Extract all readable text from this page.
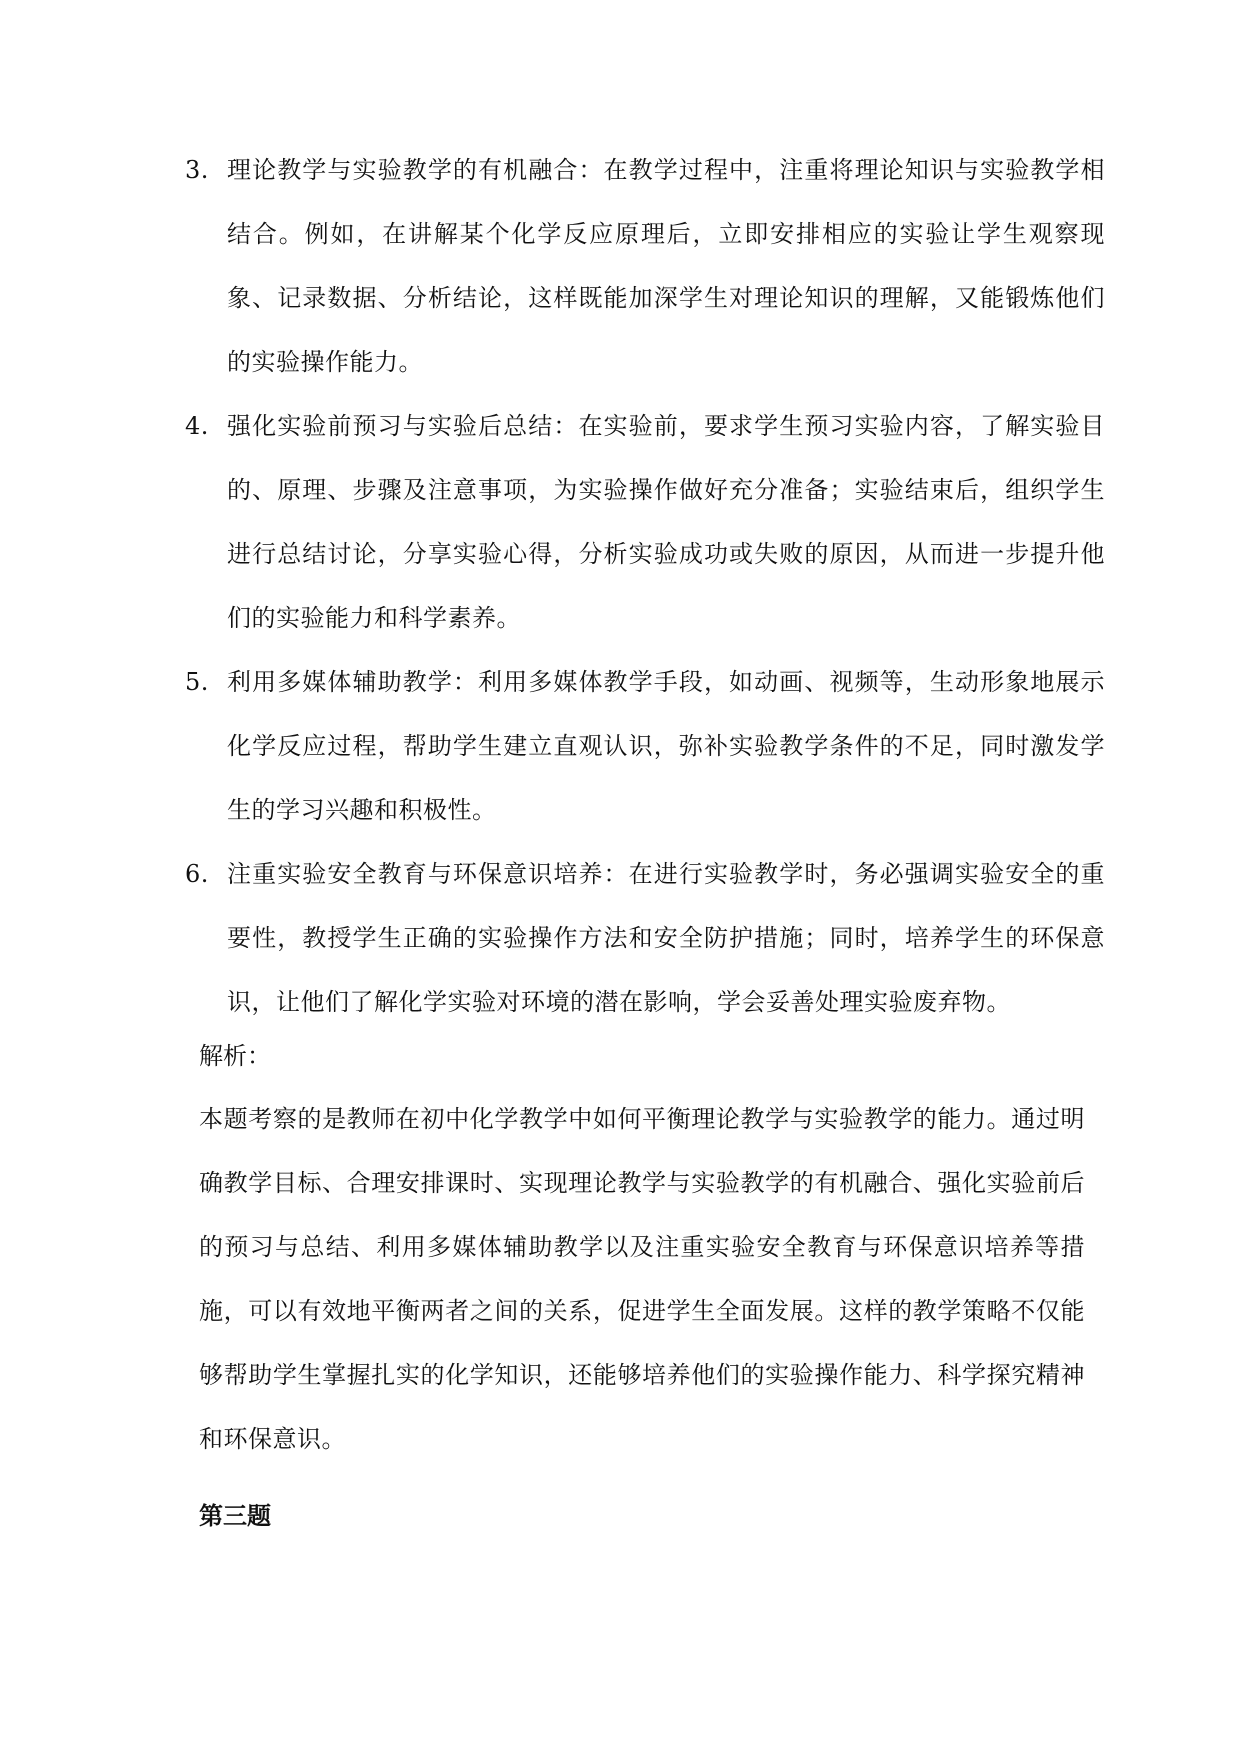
3. 理论教学与实验教学的有机融合：在教学过程中，注重将理论知识与实验教学相结合。例如，在讲解某个化学反应原理后，立即安排相应的实验让学生观察现象、记录数据、分析结论，这样既能加深学生对理论知识的理解，又能锻炼他们的实验操作能力。
4. 强化实验前预习与实验后总结：在实验前，要求学生预习实验内容，了解实验目的、原理、步骤及注意事项，为实验操作做好充分准备；实验结束后，组织学生进行总结讨论，分享实验心得，分析实验成功或失败的原因，从而进一步提升他们的实验能力和科学素养。
5. 利用多媒体辅助教学：利用多媒体教学手段，如动画、视频等，生动形象地展示化学反应过程，帮助学生建立直观认识，弥补实验教学条件的不足，同时激发学生的学习兴趣和积极性。
6. 注重实验安全教育与环保意识培养：在进行实验教学时，务必强调实验安全的重要性，教授学生正确的实验操作方法和安全防护措施；同时，培养学生的环保意识，让他们了解化学实验对环境的潜在影响，学会妥善处理实验废弃物。
解析：

本题考察的是教师在初中化学教学中如何平衡理论教学与实验教学的能力。通过明确教学目标、合理安排课时、实现理论教学与实验教学的有机融合、强化实验前后的预习与总结、利用多媒体辅助教学以及注重实验安全教育与环保意识培养等措施，可以有效地平衡两者之间的关系，促进学生全面发展。这样的教学策略不仅能够帮助学生掌握扎实的化学知识，还能够培养他们的实验操作能力、科学探究精神和环保意识。

第三题
